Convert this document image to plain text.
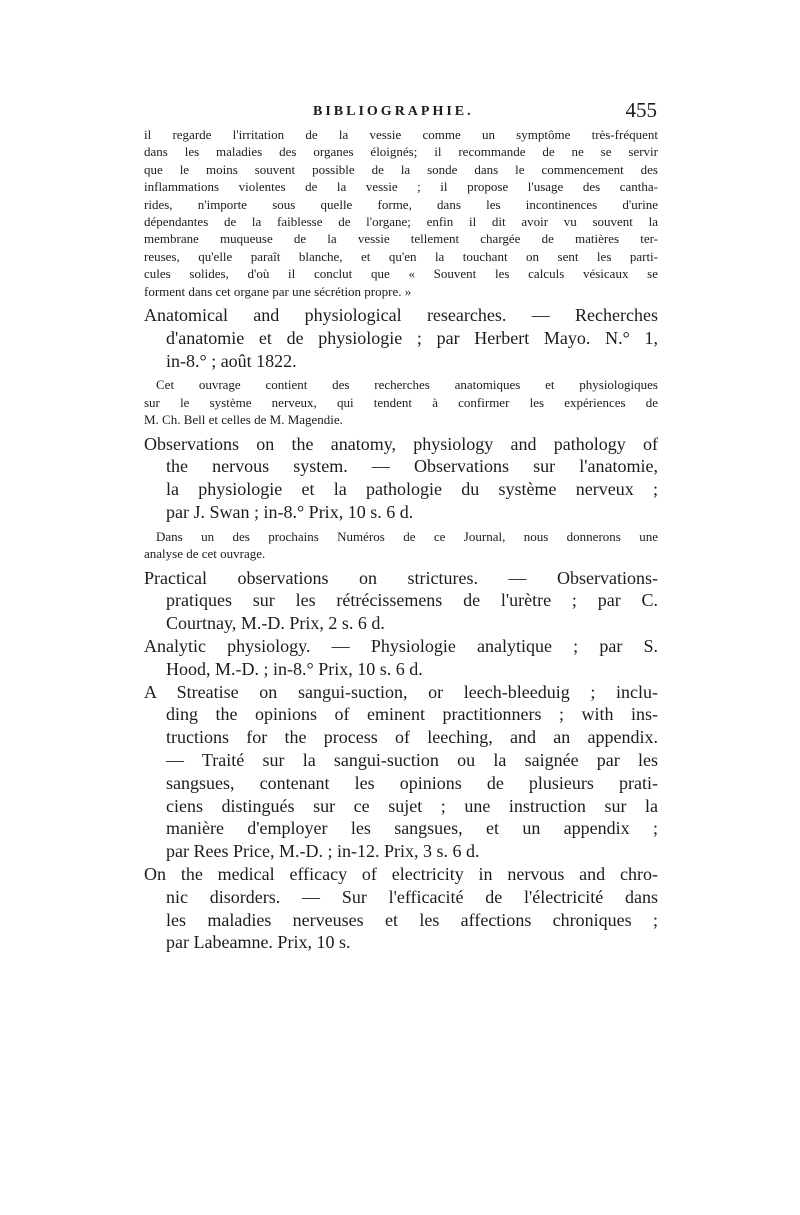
BIBLIOGRAPHIE.	455

il regarde l'irritation de la vessie comme un symptôme très-fréquent
dans les maladies des organes éloignés; il recommande de ne se servir
que le moins souvent possible de la sonde dans le commencement des
inflammations violentes de la vessie ; il propose l'usage des cantha-
rides, n'importe sous quelle forme, dans les incontinences d'urine
dépendantes de la faiblesse de l'organe; enfin il dit avoir vu souvent la
membrane muqueuse de la vessie tellement chargée de matières ter-
reuses, qu'elle paraît blanche, et qu'en la touchant on sent les parti-
cules solides, d'où il conclut que « Souvent les calculs vésicaux se
forment dans cet organe par une sécrétion propre. »

Anatomical and physiological researches. — Recherches
d'anatomie et de physiologie ; par Herbert Mayo. N.° 1,
in-8.° ; août 1822.

Cet ouvrage contient des recherches anatomiques et physiologiques
sur le système nerveux, qui tendent à confirmer les expériences de
M. Ch. Bell et celles de M. Magendie.

Observations on the anatomy, physiology and pathology of
the nervous system. — Observations sur l'anatomie,
la physiologie et la pathologie du système nerveux ;
par J. Swan ; in-8.° Prix, 10 s. 6 d.

Dans un des prochains Numéros de ce Journal, nous donnerons une
analyse de cet ouvrage.

Practical observations on strictures. — Observations-
pratiques sur les rétrécissemens de l'urètre ; par C.
Courtnay, M.-D. Prix, 2 s. 6 d.
Analytic physiology. — Physiologie analytique ; par S.
Hood, M.-D. ; in-8.° Prix, 10 s. 6 d.
A Streatise on sangui-suction, or leech-bleeduig ; inclu-
ding the opinions of eminent practitionners ; with ins-
tructions for the process of leeching, and an appendix.
— Traité sur la sangui-suction ou la saignée par les
sangsues, contenant les opinions de plusieurs prati-
ciens distingués sur ce sujet ; une instruction sur la
manière d'employer les sangsues, et un appendix ;
par Rees Price, M.-D. ; in-12. Prix, 3 s. 6 d.
On the medical efficacy of electricity in nervous and chro-
nic disorders. — Sur l'efficacité de l'électricité dans
les maladies nerveuses et les affections chroniques ;
par Labeamne. Prix, 10 s.
